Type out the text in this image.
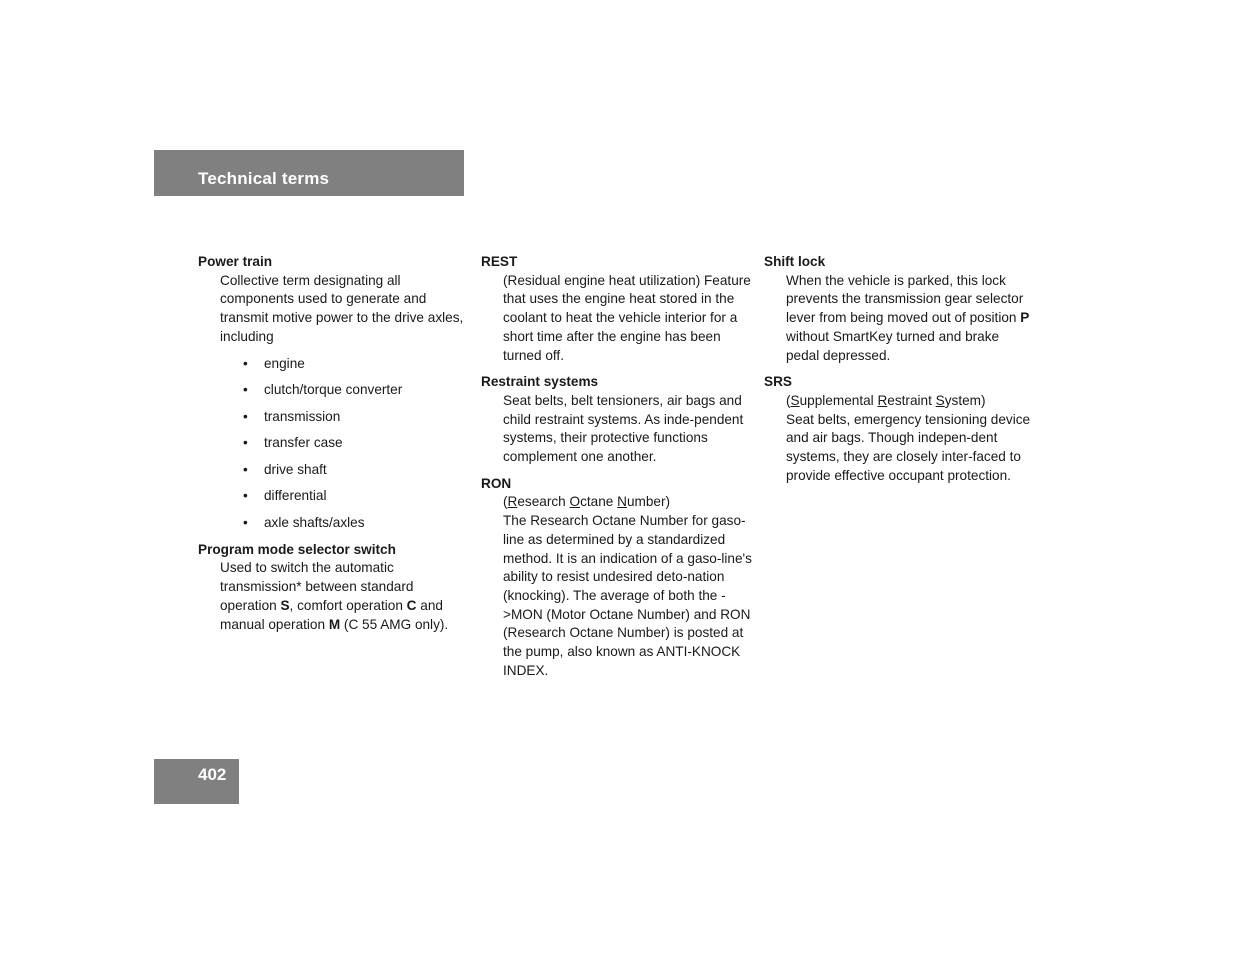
Technical terms

Power train

Collective term designating all components used to generate and transmit motive power to the drive axles, including

• engine
• clutch/torque converter
• transmission
• transfer case
• drive shaft
• differential
• axle shafts/axles

Program mode selector switch

Used to switch the automatic transmission* between standard operation S, comfort operation C and manual operation M (C 55 AMG only).

REST

(Residual engine heat utilization) Feature that uses the engine heat stored in the coolant to heat the vehicle interior for a short time after the engine has been turned off.

Restraint systems

Seat belts, belt tensioners, air bags and child restraint systems. As inde-pendent systems, their protective functions complement one another.

RON

(Research Octane Number)

The Research Octane Number for gaso-line as determined by a standardized method. It is an indication of a gaso-line's ability to resist undesired deto-nation (knocking). The average of both the ->MON (Motor Octane Number) and RON (Research Octane Number) is posted at the pump, also known as ANTI-KNOCK INDEX.

Shift lock

When the vehicle is parked, this lock prevents the transmission gear selector lever from being moved out of position P without SmartKey turned and brake pedal depressed.

SRS

(Supplemental Restraint System)

Seat belts, emergency tensioning device and air bags. Though indepen-dent systems, they are closely inter-faced to provide effective occupant protection.

402
